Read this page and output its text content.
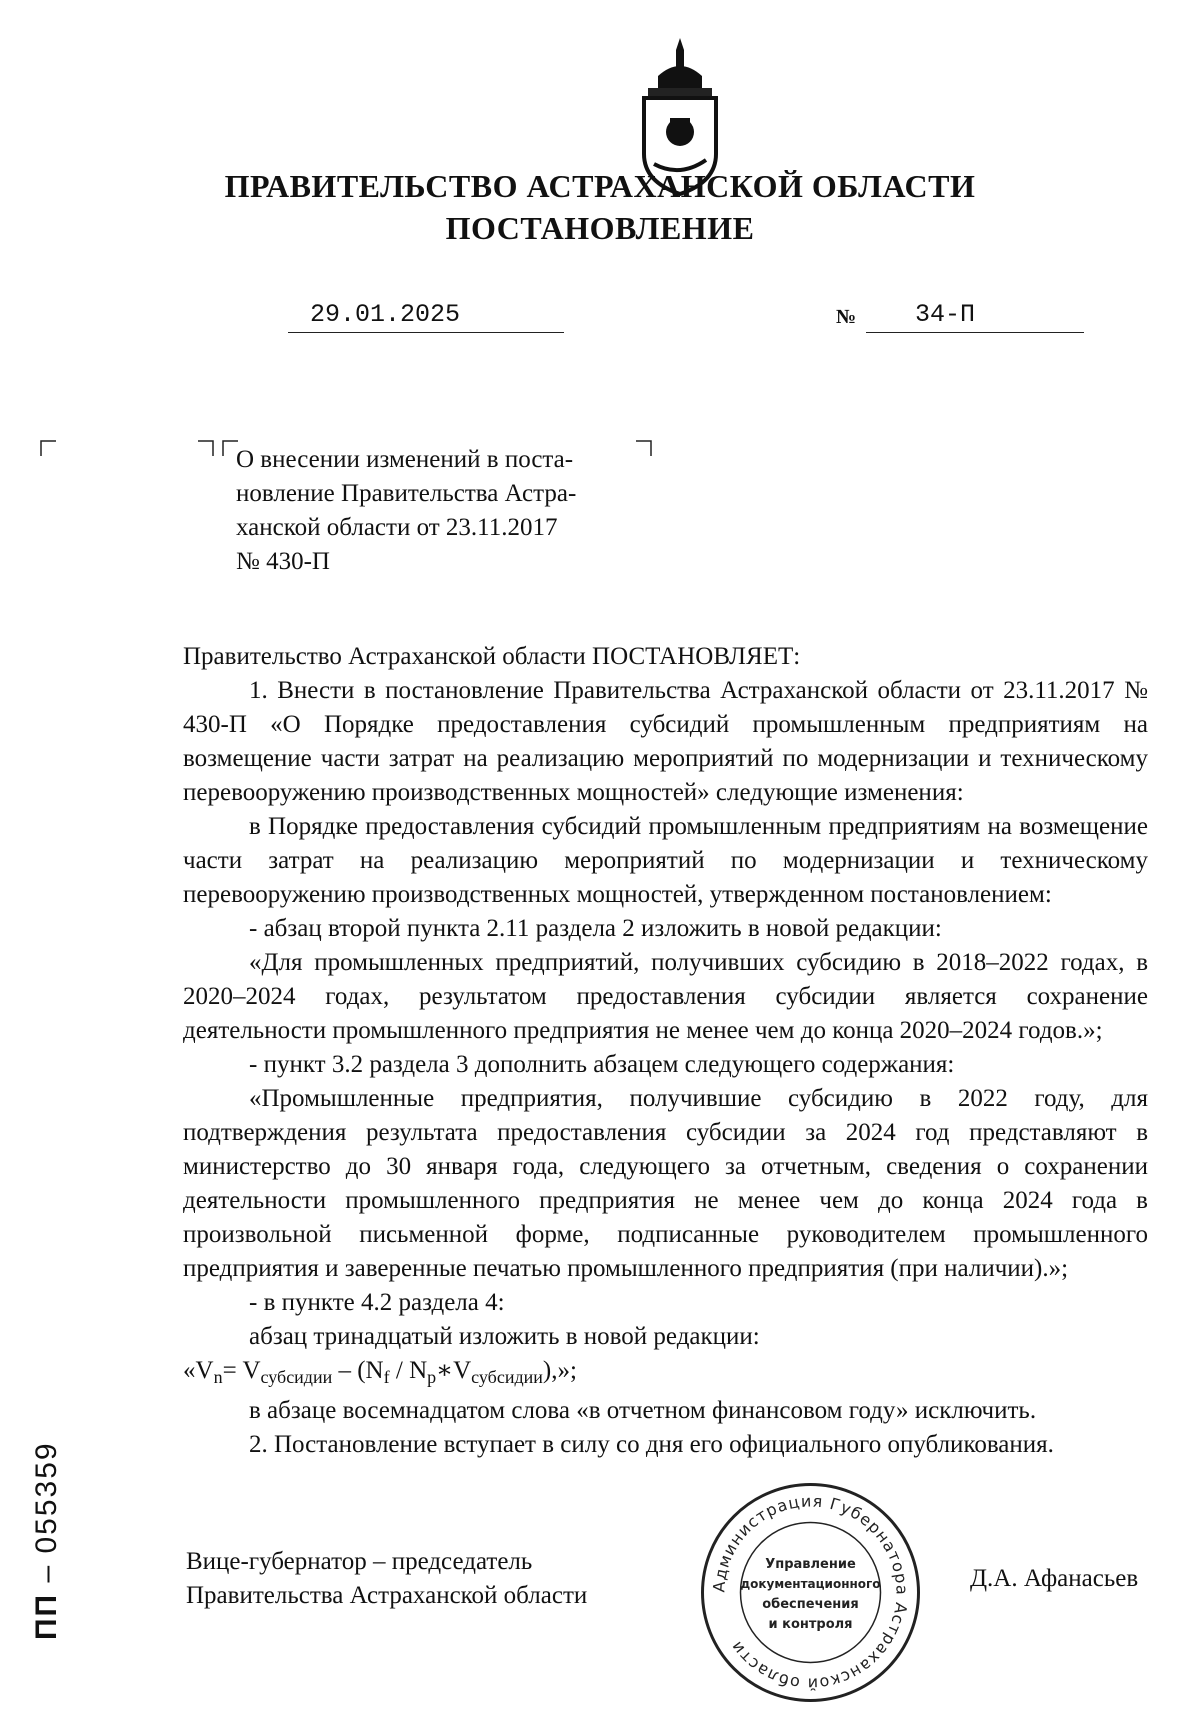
ПРАВИТЕЛЬСТВО АСТРАХАНСКОЙ ОБЛАСТИ
ПОСТАНОВЛЕНИЕ
29.01.2025	№ 34-П

О внесении изменений в поста-

новление Правительства Астра-

ханской области от 23.11.2017

№ 430-П

Правительство Астраханской области ПОСТАНОВЛЯЕТ:

1. Внести в постановление Правительства Астраханской области от 23.11.2017 № 430-П «О Порядке предоставления субсидий промышленным предприятиям на возмещение части затрат на реализацию мероприятий по модернизации и техническому перевооружению производственных мощностей» следующие изменения:

в Порядке предоставления субсидий промышленным предприятиям на возмещение части затрат на реализацию мероприятий по модернизации и техническому перевооружению производственных мощностей, утвержденном постановлением:

- абзац второй пункта 2.11 раздела 2 изложить в новой редакции:

«Для промышленных предприятий, получивших субсидию в 2018–2022 годах, в 2020–2024 годах, результатом предоставления субсидии является сохранение деятельности промышленного предприятия не менее чем до конца 2020–2024 годов.»;

- пункт 3.2 раздела 3 дополнить абзацем следующего содержания:

«Промышленные предприятия, получившие субсидию в 2022 году, для подтверждения результата предоставления субсидии за 2024 год представляют в министерство до 30 января года, следующего за отчетным, сведения о сохранении деятельности промышленного предприятия не менее чем до конца 2024 года в произвольной письменной форме, подписанные руководителем промышленного предприятия и заверенные печатью промышленного предприятия (при наличии).»;

- в пункте 4.2 раздела 4:

абзац тринадцатый изложить в новой редакции:

«$V_n= V_{субсидии} - (N_f$ / $N_p∗V_{субсидии}$),»;

в абзаце восемнадцатом слова «в отчетном финансовом году» исключить.

2. Постановление вступает в силу со дня его официального опубликования.

Вице-губернатор – председатель
Правительства Астраханской области
Д.А. Афанасьев
Администрация Губернатора Астраханской области
Управление
документационного
обеспечения
и контроля
ПП – 055359
